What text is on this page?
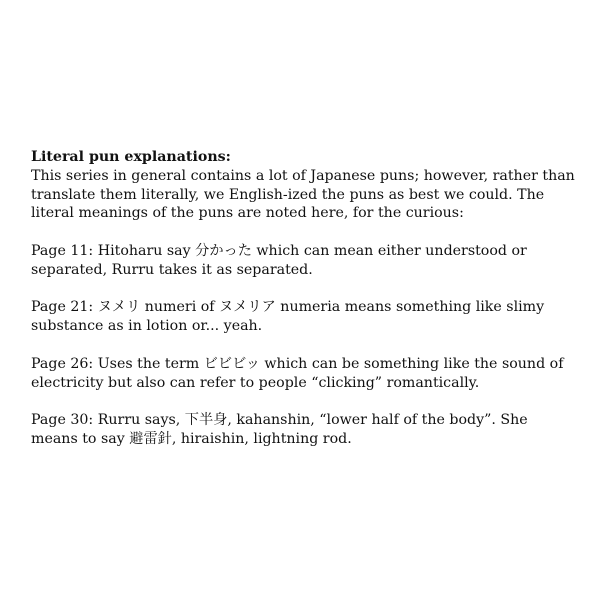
Literal pun explanations:

This series in general contains a lot of Japanese puns; however, rather than translate them literally, we English-ized the puns as best we could. The literal meanings of the puns are noted here, for the curious:

Page 11: Hitoharu say 分かった which can mean either understood or separated, Rurru takes it as separated.

Page 21: ヌメリ numeri of ヌメリア numeria means something like slimy substance as in lotion or... yeah.

Page 26: Uses the term ビビビッ which can be something like the sound of electricity but also can refer to people “clicking” romantically.

Page 30: Rurru says, 下半身, kahanshin, “lower half of the body”. She means to say 避雷針, hiraishin, lightning rod.
